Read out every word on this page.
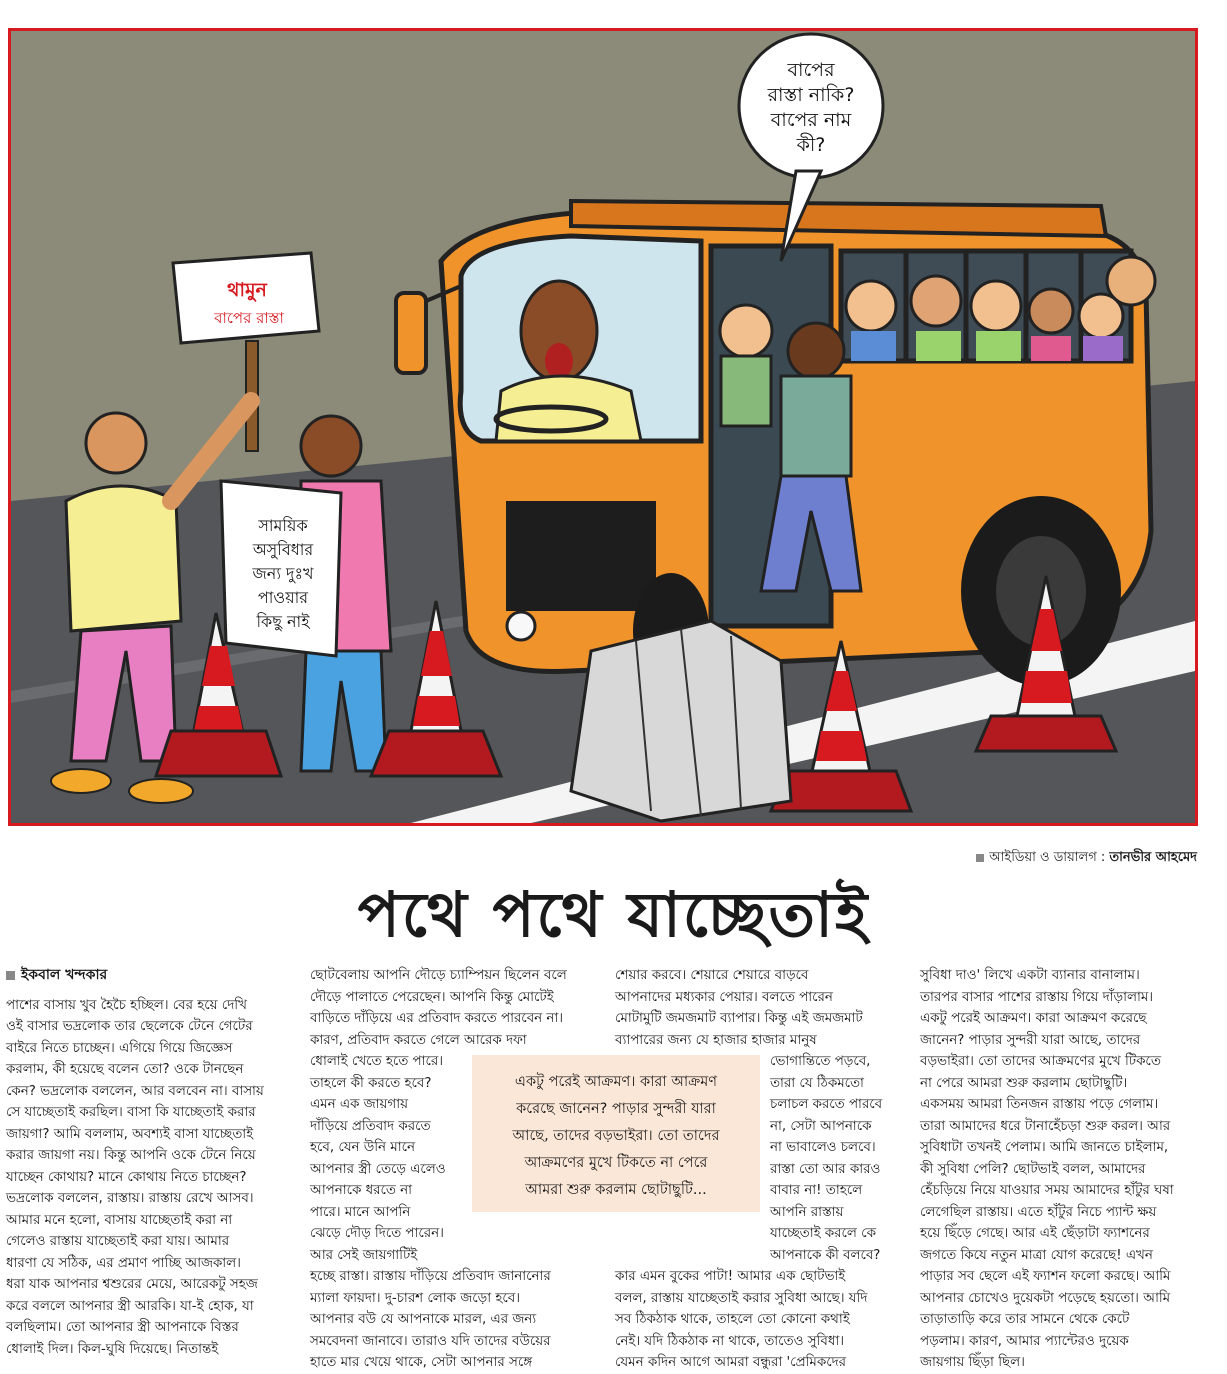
বাপের
রাস্তা নাকি?
বাপের নাম
কী?
থামুন
বাপের রাস্তা
সাময়িক
অসুবিধার
জন্য দুঃখ
পাওয়ার
কিছু নাই
আইডিয়া ও ডায়ালগ : তানভীর আহমেদ
পথে পথে যাচ্ছেতাই
ইকবাল খন্দকার

পাশের বাসায় খুব হৈচৈ হচ্ছিল। বের হয়ে দেখি

ওই বাসার ভদ্রলোক তার ছেলেকে টেনে গেটের

বাইরে নিতে চাচ্ছেন। এগিয়ে গিয়ে জিজ্ঞেস

করলাম, কী হয়েছে বলেন তো? ওকে টানছেন

কেন? ভদ্রলোক বললেন, আর বলবেন না। বাসায়

সে যাচ্ছেতাই করছিল। বাসা কি যাচ্ছেতাই করার

জায়গা? আমি বললাম, অবশ্যই বাসা যাচ্ছেতাই

করার জায়গা নয়। কিন্তু আপনি ওকে টেনে নিয়ে

যাচ্ছেন কোথায়? মানে কোথায় নিতে চাচ্ছেন?

ভদ্রলোক বললেন, রাস্তায়। রাস্তায় রেখে আসব।

আমার মনে হলো, বাসায় যাচ্ছেতাই করা না

গেলেও রাস্তায় যাচ্ছেতাই করা যায়। আমার

ধারণা যে সঠিক, এর প্রমাণ পাচ্ছি আজকাল।

ধরা যাক আপনার শ্বশুরের মেয়ে, আরেকটু সহজ

করে বললে আপনার স্ত্রী আরকি। যা-ই হোক, যা

বলছিলাম। তো আপনার স্ত্রী আপনাকে বিস্তর

ধোলাই দিল। কিল-ঘুষি দিয়েছে। নিতান্তই

ছোটবেলায় আপনি দৌড়ে চ্যাম্পিয়ন ছিলেন বলে

দৌড়ে পালাতে পেরেছেন। আপনি কিন্তু মোটেই

বাড়িতে দাঁড়িয়ে এর প্রতিবাদ করতে পারবেন না।

কারণ, প্রতিবাদ করতে গেলে আরেক দফা

ধোলাই খেতে হতে পারে।

তাহলে কী করতে হবে?

এমন এক জায়গায়

দাঁড়িয়ে প্রতিবাদ করতে

হবে, যেন উনি মানে

আপনার স্ত্রী তেড়ে এলেও

আপনাকে ধরতে না

পারে। মানে আপনি

ঝেড়ে দৌড় দিতে পারেন।

আর সেই জায়গাটিই

হচ্ছে রাস্তা। রাস্তায় দাঁড়িয়ে প্রতিবাদ জানানোর

ম্যালা ফায়দা। দু-চারশ লোক জড়ো হবে।

আপনার বউ যে আপনাকে মারল, এর জন্য

সমবেদনা জানাবে। তারাও যদি তাদের বউয়ের

হাতে মার খেয়ে থাকে, সেটা আপনার সঙ্গে

শেয়ার করবে। শেয়ারে শেয়ারে বাড়বে

আপনাদের মধ্যকার পেয়ার। বলতে পারেন

মোটামুটি জমজমাট ব্যাপার। কিন্তু এই জমজমাট

ব্যাপারের জন্য যে হাজার হাজার মানুষ

ভোগান্তিতে পড়বে,

তারা যে ঠিকমতো

চলাচল করতে পারবে

না, সেটা আপনাকে

না ভাবালেও চলবে।

রাস্তা তো আর কারও

বাবার না! তাহলে

আপনি রাস্তায়

যাচ্ছেতাই করলে কে

আপনাকে কী বলবে?

কার এমন বুকের পাটা! আমার এক ছোটভাই

বলল, রাস্তায় যাচ্ছেতাই করার সুবিধা আছে। যদি

সব ঠিকঠাক থাকে, তাহলে তো কোনো কথাই

নেই। যদি ঠিকঠাক না থাকে, তাতেও সুবিধা।

যেমন কদিন আগে আমরা বন্ধুরা 'প্রেমিকদের

সুবিধা দাও' লিখে একটা ব্যানার বানালাম।

তারপর বাসার পাশের রাস্তায় গিয়ে দাঁড়ালাম।

একটু পরেই আক্রমণ। কারা আক্রমণ করেছে

জানেন? পাড়ার সুন্দরী যারা আছে, তাদের

বড়ভাইরা। তো তাদের আক্রমণের মুখে টিকতে

না পেরে আমরা শুরু করলাম ছোটাছুটি।

একসময় আমরা তিনজন রাস্তায় পড়ে গেলাম।

তারা আমাদের ধরে টানাহেঁচড়া শুরু করল। আর

সুবিধাটা তখনই পেলাম। আমি জানতে চাইলাম,

কী সুবিধা পেলি? ছোটভাই বলল, আমাদের

হেঁচড়িয়ে নিয়ে যাওয়ার সময় আমাদের হাঁটুর ঘষা

লেগেছিল রাস্তায়। এতে হাঁটুর নিচে প্যান্ট ক্ষয়

হয়ে ছিঁড়ে গেছে। আর এই ছেঁড়াটা ফ্যাশনের

জগতে কিযে নতুন মাত্রা যোগ করেছে! এখন

পাড়ার সব ছেলে এই ফ্যাশন ফলো করছে। আমি

আপনার চোখেও দুয়েকটা পড়েছে হয়তো। আমি

তাড়াতাড়ি করে তার সামনে থেকে কেটে

পড়লাম। কারণ, আমার প্যান্টেরও দুয়েক

জায়গায় ছিঁড়া ছিল।

একটু পরেই আক্রমণ। কারা আক্রমণ

করেছে জানেন? পাড়ার সুন্দরী যারা

আছে, তাদের বড়ভাইরা। তো তাদের

আক্রমণের মুখে টিকতে না পেরে

আমরা শুরু করলাম ছোটাছুটি...
